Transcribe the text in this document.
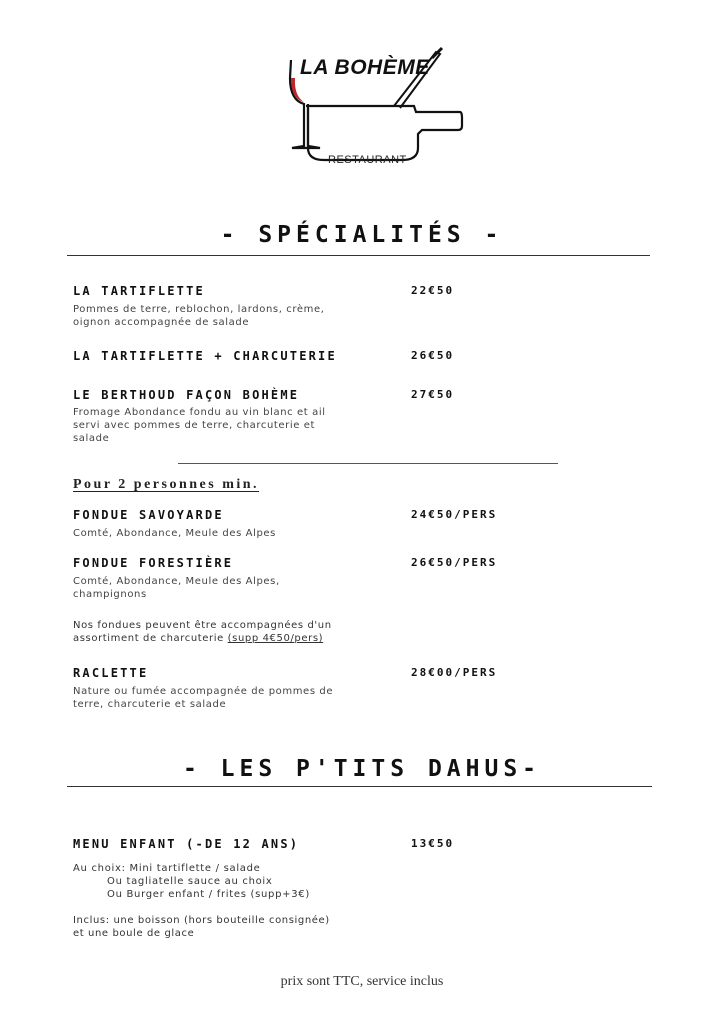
LA BOHÈME
RESTAURANT
- SPÉCIALITÉS -
LA TARTIFLETTE	22€50
Pommes de terre, reblochon, lardons, crème, oignon accompagnée de salade
LA TARTIFLETTE + CHARCUTERIE	26€50
LE BERTHOUD FAÇON BOHÈME	27€50
Fromage Abondance fondu au vin blanc et ail servi avec pommes de terre, charcuterie et salade
Pour 2 personnes min.
FONDUE SAVOYARDE	24€50/PERS
Comté, Abondance, Meule des Alpes
FONDUE FORESTIÈRE	26€50/PERS
Comté, Abondance, Meule des Alpes, champignons
Nos fondues peuvent être accompagnées d'un assortiment de charcuterie (supp 4€50/pers)
RACLETTE	28€00/PERS
Nature ou fumée accompagnée de pommes de terre, charcuterie et salade
- LES P'TITS DAHUS-
MENU ENFANT (-DE 12 ANS)	13€50
Au choix: Mini tartiflette / salade
Ou tagliatelle sauce au choix
Ou Burger enfant / frites (supp+3€)
Inclus: une boisson (hors bouteille consignée) et une boule de glace
prix sont TTC, service inclus
